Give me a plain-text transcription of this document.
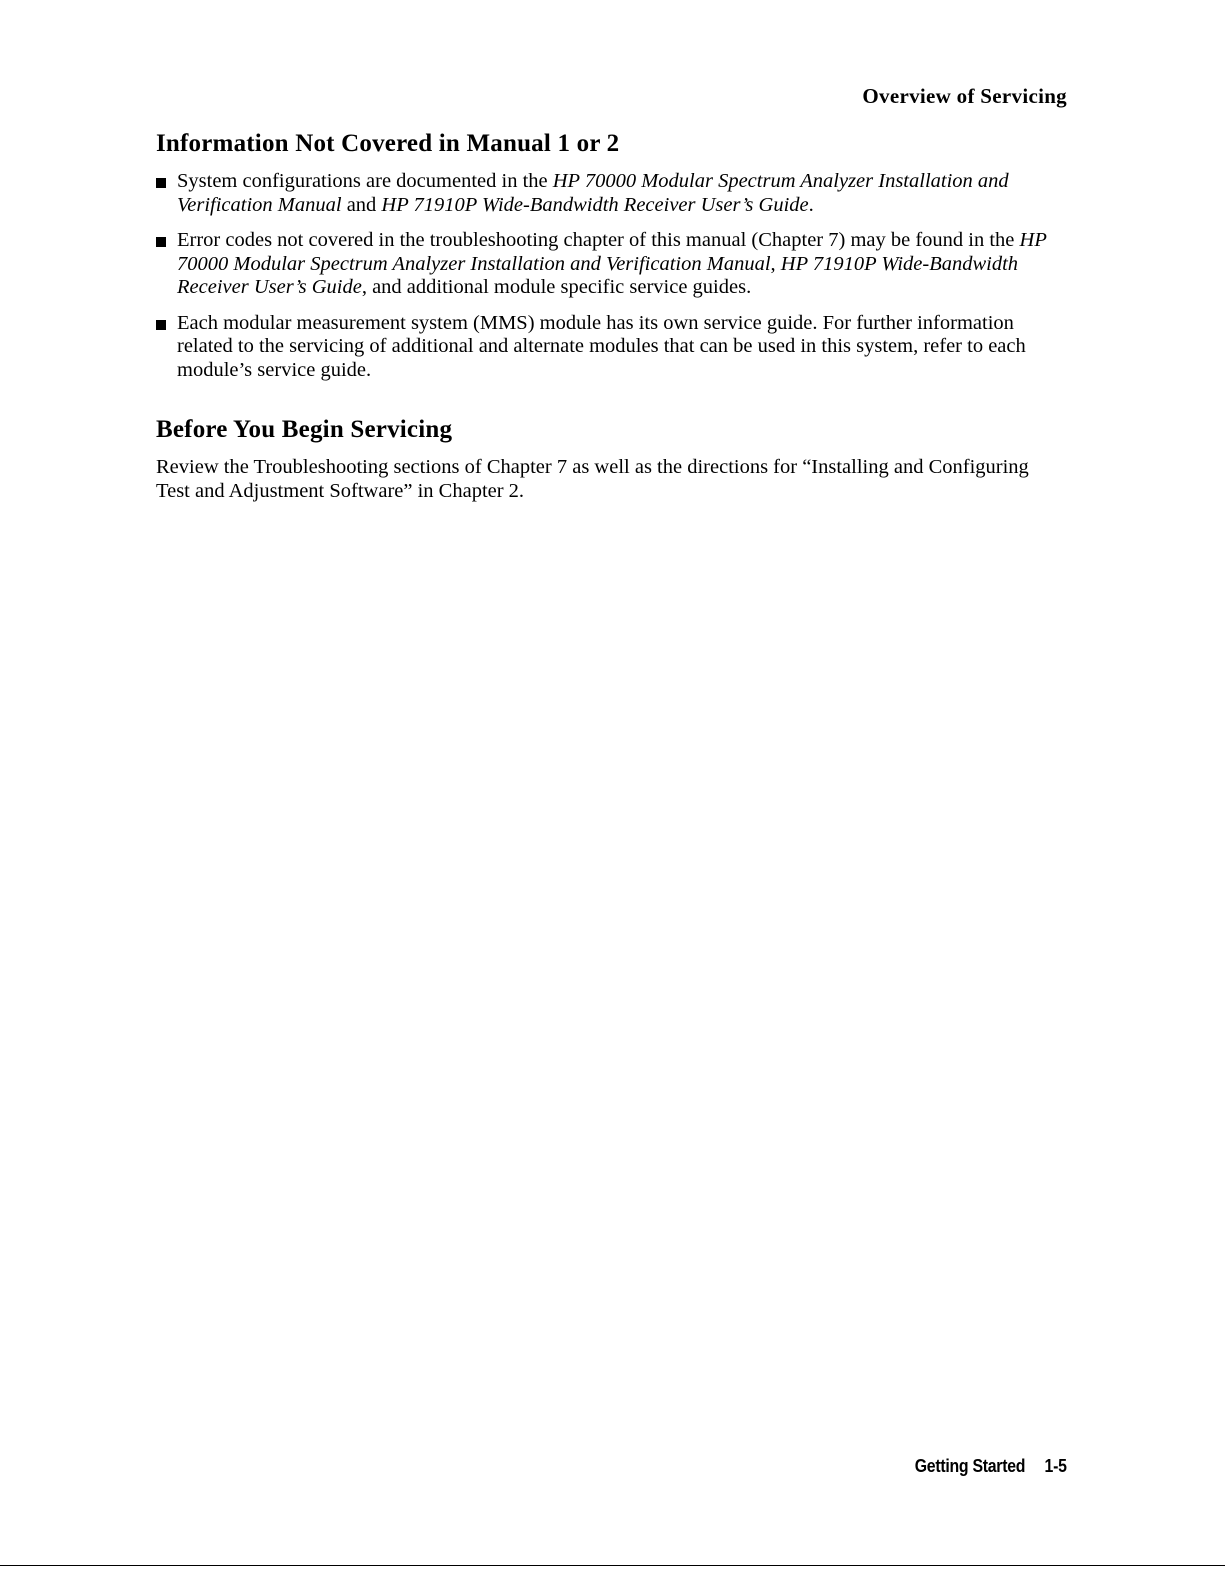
Overview of Servicing
Information Not Covered in Manual 1 or 2
System configurations are documented in the HP 70000 Modular Spectrum Analyzer Installation and Verification Manual and HP 71910P Wide-Bandwidth Receiver User’s Guide.
Error codes not covered in the troubleshooting chapter of this manual (Chapter 7) may be found in the HP 70000 Modular Spectrum Analyzer Installation and Verification Manual, HP 71910P Wide-Bandwidth Receiver User’s Guide, and additional module specific service guides.
Each modular measurement system (MMS) module has its own service guide. For further information related to the servicing of additional and alternate modules that can be used in this system, refer to each module’s service guide.
Before You Begin Servicing

Review the Troubleshooting sections of Chapter 7 as well as the directions for “Installing and Configuring Test and Adjustment Software” in Chapter 2.

Getting Started 1-5
